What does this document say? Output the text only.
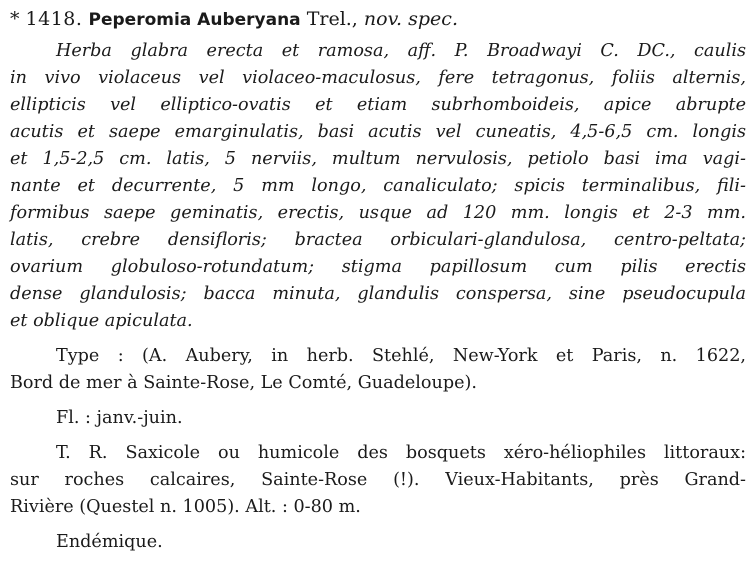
* 1418. Peperomia Auberyana Trel., nov. spec.
Herba glabra erecta et ramosa, aff. P. Broadwayi C. DC., caulis
in vivo violaceus vel violaceo-maculosus, fere tetragonus, foliis alternis,
ellipticis vel elliptico-ovatis et etiam subrhomboideis, apice abrupte
acutis et saepe emarginulatis, basi acutis vel cuneatis, 4,5-6,5 cm. longis
et 1,5-2,5 cm. latis, 5 nerviis, multum nervulosis, petiolo basi ima vagi-
nante et decurrente, 5 mm longo, canaliculato; spicis terminalibus, fili-
formibus saepe geminatis, erectis, usque ad 120 mm. longis et 2-3 mm.
latis, crebre densifloris; bractea orbiculari-glandulosa, centro-peltata;
ovarium globuloso-rotundatum; stigma papillosum cum pilis erectis
dense glandulosis; bacca minuta, glandulis conspersa, sine pseudocupula
et oblique apiculata.
Type : (A. Aubery, in herb. Stehlé, New-York et Paris, n. 1622,
Bord de mer à Sainte-Rose, Le Comté, Guadeloupe).
Fl. : janv.-juin.
T. R. Saxicole ou humicole des bosquets xéro-héliophiles littoraux:
sur roches calcaires, Sainte-Rose (!). Vieux-Habitants, près Grand-
Rivière (Questel n. 1005). Alt. : 0-80 m.
Endémique.
